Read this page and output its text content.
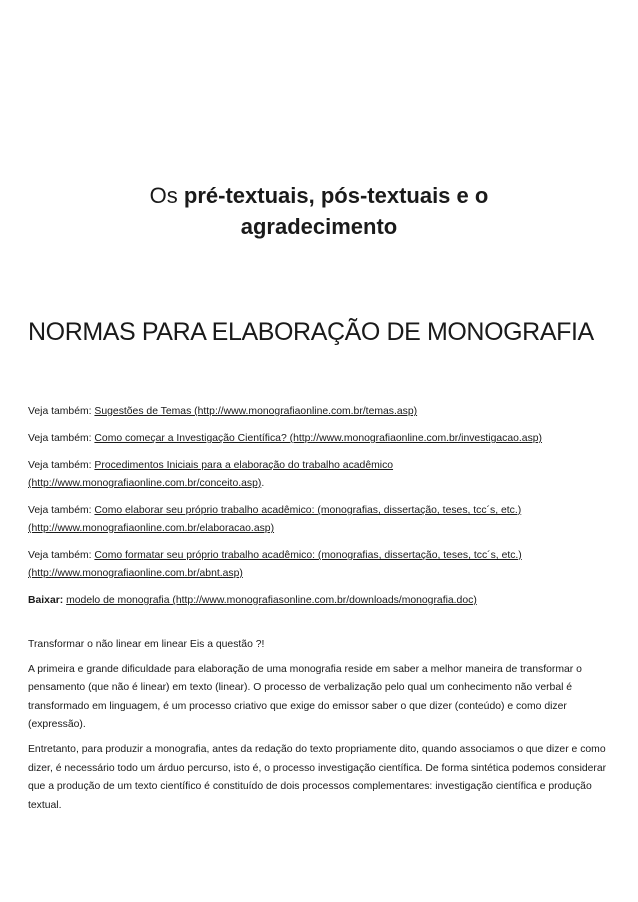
Os pré-textuais, pós-textuais e o
agradecimento
NORMAS PARA ELABORAÇÃO DE MONOGRAFIA

Veja também: Sugestões de Temas (http://www.monografiaonline.com.br/temas.asp)

Veja também: Como começar a Investigação Científica? (http://www.monografiaonline.com.br/investigacao.asp)

Veja também: Procedimentos Iniciais para a elaboração do trabalho acadêmico (http://www.monografiaonline.com.br/conceito.asp).

Veja também: Como elaborar seu próprio trabalho acadêmico: (monografias, dissertação, teses, tcc´s, etc.) (http://www.monografiaonline.com.br/elaboracao.asp)

Veja também: Como formatar seu próprio trabalho acadêmico: (monografias, dissertação, teses, tcc´s, etc.) (http://www.monografiaonline.com.br/abnt.asp)

Baixar: modelo de monografia (http://www.monografiasonline.com.br/downloads/monografia.doc)

Transformar o não linear em linear Eis a questão ?!

A primeira e grande dificuldade para elaboração de uma monografia reside em saber a melhor maneira de transformar o pensamento (que não é linear) em texto (linear). O processo de verbalização pelo qual um conhecimento não verbal é transformado em linguagem, é um processo criativo que exige do emissor saber o que dizer (conteúdo) e como dizer (expressão).

Entretanto, para produzir a monografia, antes da redação do texto propriamente dito, quando associamos o que dizer e como dizer, é necessário todo um árduo percurso, isto é, o processo investigação científica. De forma sintética podemos considerar que a produção de um texto científico é constituído de dois processos complementares: investigação científica e produção textual.
